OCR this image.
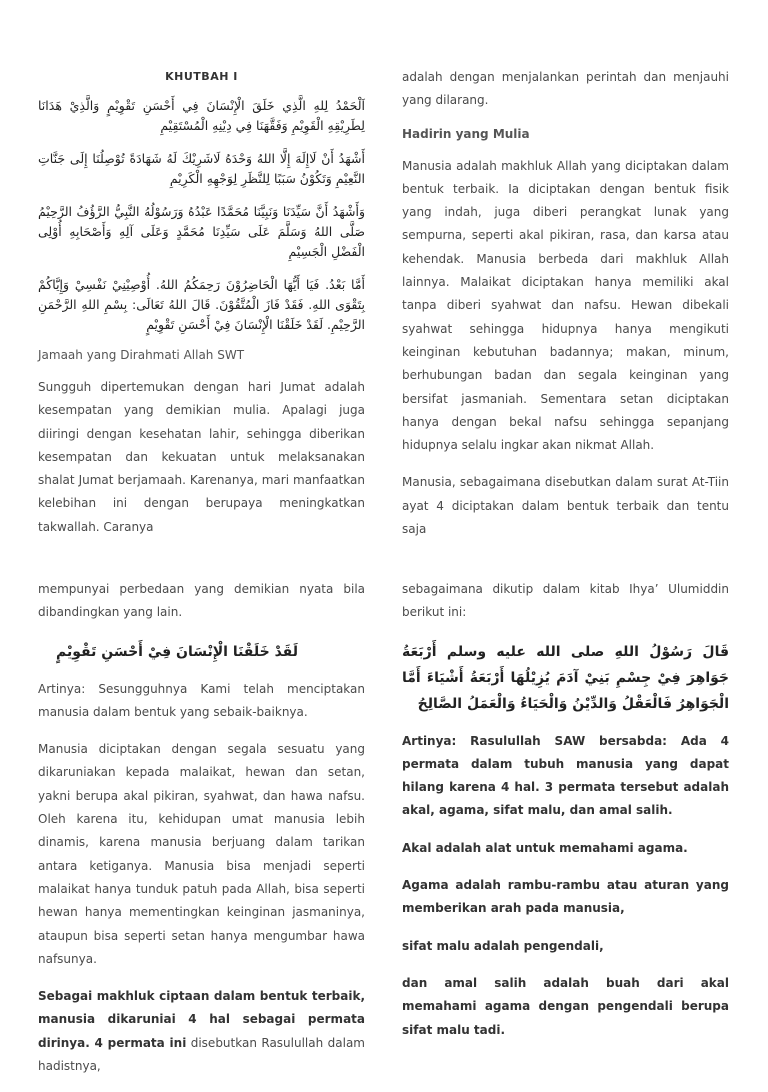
KHUTBAH I
اَلْحَمْدُ لِلهِ الَّذِي خَلَقَ الْإِنْسَانَ فِي أَحْسَنِ تَقْوِيْمٍ وَالَّذِيْ هَدَانَا لِطَرِيْقِهِ الْقَوِيْمِ وَفَقَّهَنَا فِي دِيْنِهِ الْمُسْتَقِيْمِ
أَشْهَدُ أَنْ لَاإِلَهَ إِلَّا اللهُ وَحْدَهُ لَاشَرِيْكَ لَهُ شَهَادَةً تُوْصِلُنَا إِلَى جَنَّاتِ النَّعِيْمِ وَتَكُوْنُ سَبَبًا لِلنَّظَرِ لِوَجْهِهِ الْكَرِيْمِ
وَأَشْهَدُ أَنَّ سَيِّدَنَا وَنَبِيَّنَا مُحَمَّدًا عَبْدُهُ وَرَسُوْلُهُ النَّبِيُّ الرَّؤُفُ الرَّحِيْمُ صَلَّى اللهُ وَسَلَّمَ عَلَى سَيِّدِنَا مُحَمَّدٍ وَعَلَى آلِهِ وَأَصْحَابِهِ أُوْلِى الْفَضْلِ الْجَسِيْمِ
أَمَّا بَعْدُ. فَيَا أَيُّهَا الْحَاضِرُوْنَ رَحِمَكُمُ اللهُ. أُوْصِيْنِيْ نَفْسِيْ وَإِيَّاكُمْ بِتَقْوَى اللهِ. فَقَدْ فَازَ الْمُتَّقُوْنَ. قَالَ اللهُ تَعَالَى: بِسْمِ اللهِ الرَّحْمَنِ الرَّحِيْمِ. لَقَدْ خَلَقْنَا الْإِنْسَانَ فِيْ أَحْسَنِ تَقْوِيْمٍ
Jamaah yang Dirahmati Allah SWT

Sungguh dipertemukan dengan hari Jumat adalah kesempatan yang demikian mulia. Apalagi juga diiringi dengan kesehatan lahir, sehingga diberikan kesempatan dan kekuatan untuk melaksanakan shalat Jumat berjamaah. Karenanya, mari manfaatkan kelebihan ini dengan berupaya meningkatkan takwallah. Caranya

adalah dengan menjalankan perintah dan menjauhi yang dilarang.

Hadirin yang Mulia

Manusia adalah makhluk Allah yang diciptakan dalam bentuk terbaik. Ia diciptakan dengan bentuk fisik yang indah, juga diberi perangkat lunak yang sempurna, seperti akal pikiran, rasa, dan karsa atau kehendak. Manusia berbeda dari makhluk Allah lainnya. Malaikat diciptakan hanya memiliki akal tanpa diberi syahwat dan nafsu. Hewan dibekali syahwat sehingga hidupnya hanya mengikuti keinginan kebutuhan badannya; makan, minum, berhubungan badan dan segala keinginan yang bersifat jasmaniah. Sementara setan diciptakan hanya dengan bekal nafsu sehingga sepanjang hidupnya selalu ingkar akan nikmat Allah.

Manusia, sebagaimana disebutkan dalam surat At-Tiin ayat 4 diciptakan dalam bentuk terbaik dan tentu saja

mempunyai perbedaan yang demikian nyata bila dibandingkan yang lain.

لَقَدْ خَلَقْنَا الْإِنْسَانَ فِيْ أَحْسَنِ تَقْوِيْمٍ

Artinya: Sesungguhnya Kami telah menciptakan manusia dalam bentuk yang sebaik-baiknya.

Manusia diciptakan dengan segala sesuatu yang dikaruniakan kepada malaikat, hewan dan setan, yakni berupa akal pikiran, syahwat, dan hawa nafsu. Oleh karena itu, kehidupan umat manusia lebih dinamis, karena manusia berjuang dalam tarikan antara ketiganya. Manusia bisa menjadi seperti malaikat hanya tunduk patuh pada Allah, bisa seperti hewan hanya mementingkan keinginan jasmaninya, ataupun bisa seperti setan hanya mengumbar hawa nafsunya.

Sebagai makhluk ciptaan dalam bentuk terbaik, manusia dikaruniai 4 hal sebagai permata dirinya. 4 permata ini disebutkan Rasulullah dalam hadistnya,

sebagaimana dikutip dalam kitab Ihya’ Ulumiddin berikut ini:

قَالَ رَسُوْلُ اللهِ صلى الله عليه وسلم أَرْبَعَةُ جَوَاهِرَ فِيْ جِسْمِ بَنِيْ آدَمَ يُزِيْلُهَا أَرْبَعَةُ أَشْيَاءَ أَمَّا الْجَوَاهِرُ فَالْعَقْلُ وَالدِّيْنُ وَالْحَيَاءُ وَالْعَمَلُ الصَّالِحُ

Artinya: Rasulullah SAW bersabda: Ada 4 permata dalam tubuh manusia yang dapat hilang karena 4 hal. 3 permata tersebut adalah akal, agama, sifat malu, dan amal salih.

Akal adalah alat untuk memahami agama.

Agama adalah rambu-rambu atau aturan yang memberikan arah pada manusia,

sifat malu adalah pengendali,

dan amal salih adalah buah dari akal memahami agama dengan pengendali berupa sifat malu tadi.
